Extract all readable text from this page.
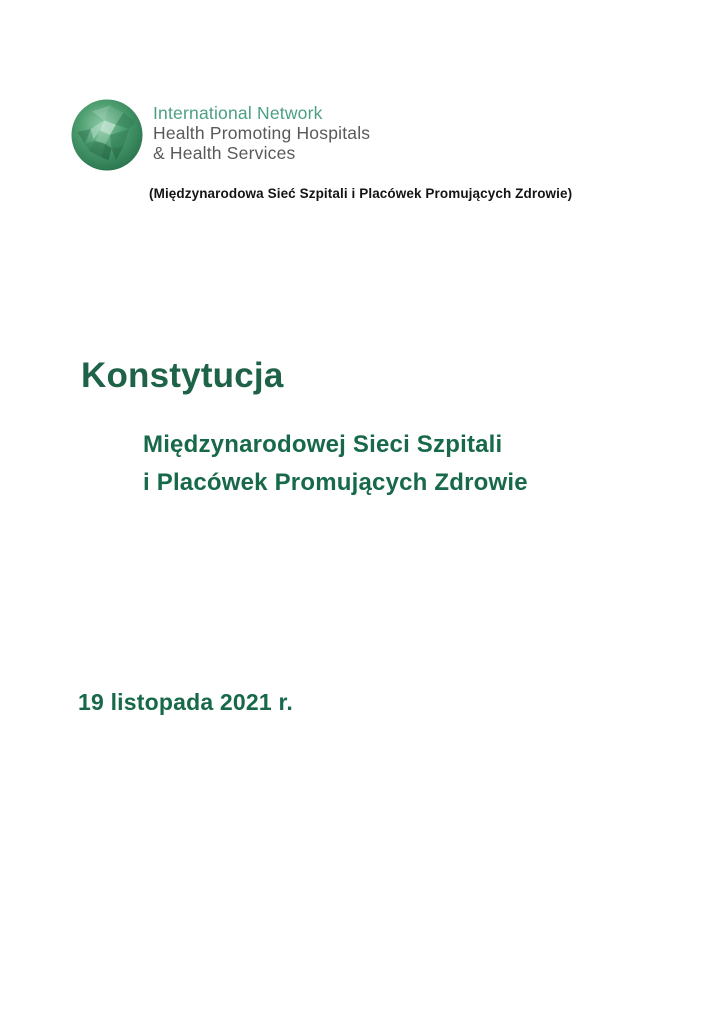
International Network
Health Promoting Hospitals
& Health Services
(Międzynarodowa Sieć Szpitali i Placówek Promujących Zdrowie)
Konstytucja
Międzynarodowej Sieci Szpitali
i Placówek Promujących Zdrowie
19 listopada 2021 r.
